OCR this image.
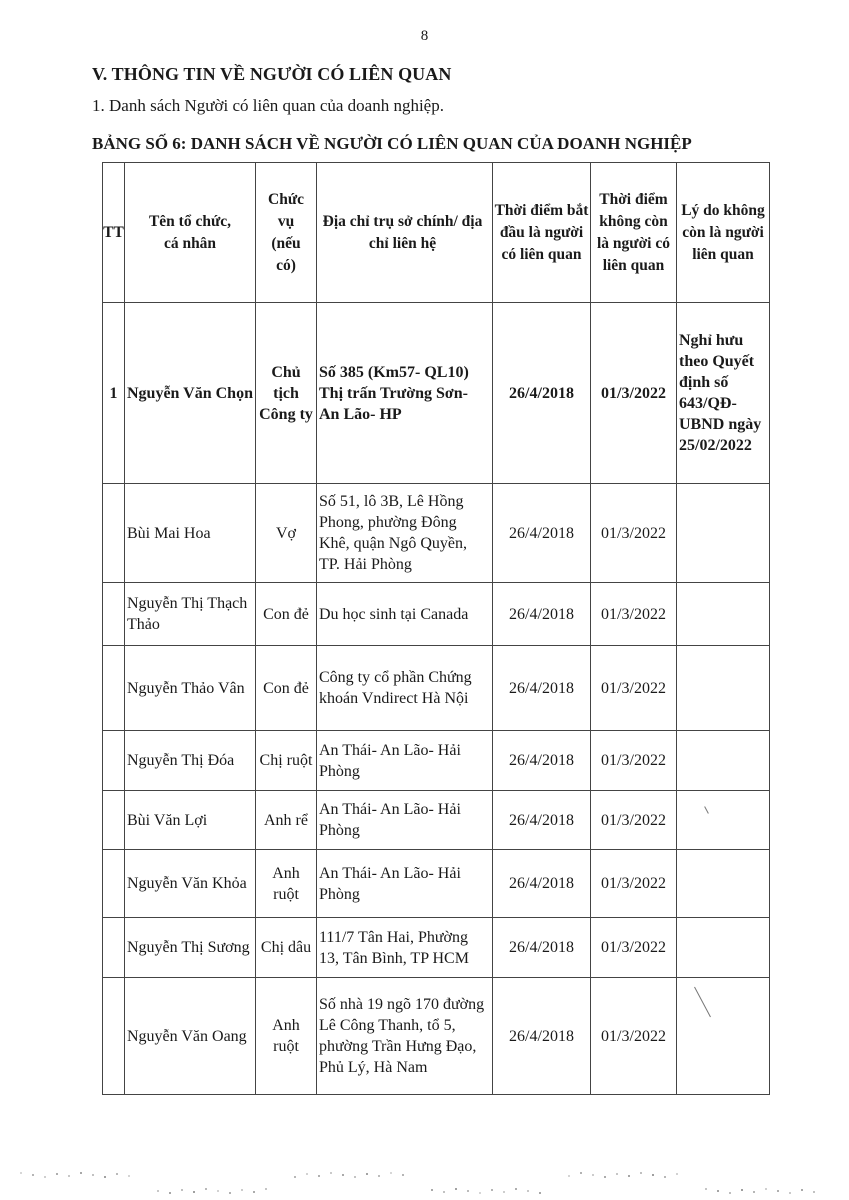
8
V. THÔNG TIN VỀ NGƯỜI CÓ LIÊN QUAN
1. Danh sách Người có liên quan của doanh nghiệp.
BẢNG SỐ 6: DANH SÁCH VỀ NGƯỜI CÓ LIÊN QUAN CỦA DOANH NGHIỆP
TT	Tên tổ chức, cá nhân	Chức vụ (nếu có)	Địa chỉ trụ sở chính/ địa chỉ liên hệ	Thời điểm bắt đầu là người có liên quan	Thời điểm không còn là người có liên quan	Lý do không còn là người liên quan
1	Nguyễn Văn Chọn	Chủ tịch Công ty	Số 385 (Km57- QL10) Thị trấn Trường Sơn- An Lão- HP	26/4/2018	01/3/2022	Nghỉ hưu theo Quyết định số 643/QĐ-UBND ngày 25/02/2022
	Bùi Mai Hoa	Vợ	Số 51, lô 3B, Lê Hồng Phong, phường Đông Khê, quận Ngô Quyền, TP. Hải Phòng	26/4/2018	01/3/2022	
	Nguyễn Thị Thạch Thảo	Con đẻ	Du học sinh tại Canada	26/4/2018	01/3/2022	
	Nguyễn Thảo Vân	Con đẻ	Công ty cổ phần Chứng khoán Vndirect Hà Nội	26/4/2018	01/3/2022	
	Nguyễn Thị Đóa	Chị ruột	An Thái- An Lão- Hải Phòng	26/4/2018	01/3/2022	
	Bùi Văn Lợi	Anh rể	An Thái- An Lão- Hải Phòng	26/4/2018	01/3/2022	
	Nguyễn Văn Khỏa	Anh ruột	An Thái- An Lão- Hải Phòng	26/4/2018	01/3/2022	
	Nguyễn Thị Sương	Chị dâu	111/7 Tân Hai, Phường 13, Tân Bình, TP HCM	26/4/2018	01/3/2022	
	Nguyễn Văn Oang	Anh ruột	Số nhà 19 ngõ 170 đường Lê Công Thanh, tổ 5, phường Trần Hưng Đạo, Phủ Lý, Hà Nam	26/4/2018	01/3/2022	
